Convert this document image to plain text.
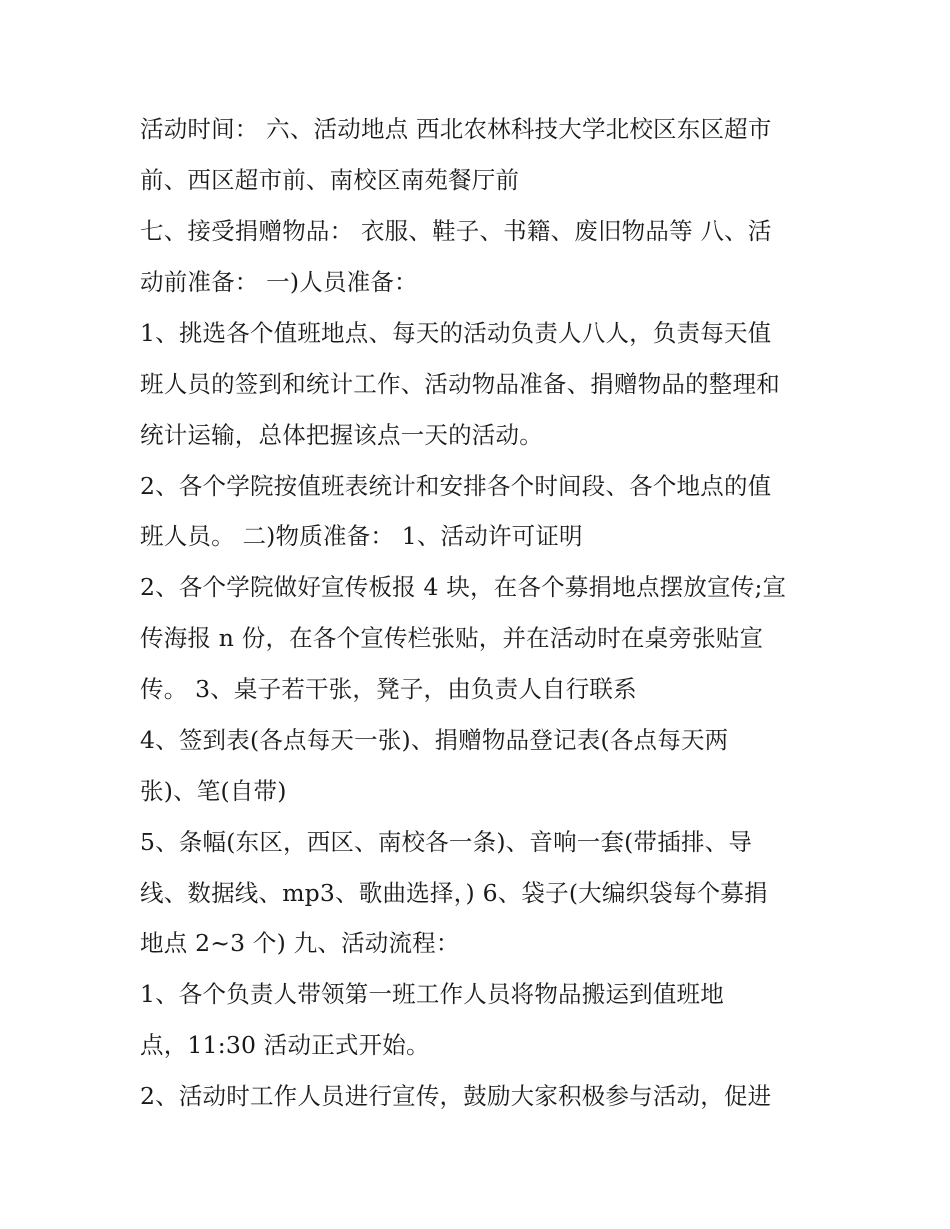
活动时间： 六、活动地点 西北农林科技大学北校区东区超市
前、西区超市前、南校区南苑餐厅前
七、接受捐赠物品： 衣服、鞋子、书籍、废旧物品等 八、活
动前准备： 一)人员准备：
1、挑选各个值班地点、每天的活动负责人八人，负责每天值
班人员的签到和统计工作、活动物品准备、捐赠物品的整理和
统计运输，总体把握该点一天的活动。
2、各个学院按值班表统计和安排各个时间段、各个地点的值
班人员。 二)物质准备： 1、活动许可证明
2、各个学院做好宣传板报 4 块，在各个募捐地点摆放宣传;宣
传海报 n 份，在各个宣传栏张贴，并在活动时在桌旁张贴宣
传。 3、桌子若干张，凳子，由负责人自行联系
4、签到表(各点每天一张)、捐赠物品登记表(各点每天两
张)、笔(自带)
5、条幅(东区，西区、南校各一条)、音响一套(带插排、导
线、数据线、mp3、歌曲选择，) 6、袋子(大编织袋每个募捐
地点 2~3 个) 九、活动流程：
1、各个负责人带领第一班工作人员将物品搬运到值班地
点，11:30 活动正式开始。
2、活动时工作人员进行宣传，鼓励大家积极参与活动，促进
